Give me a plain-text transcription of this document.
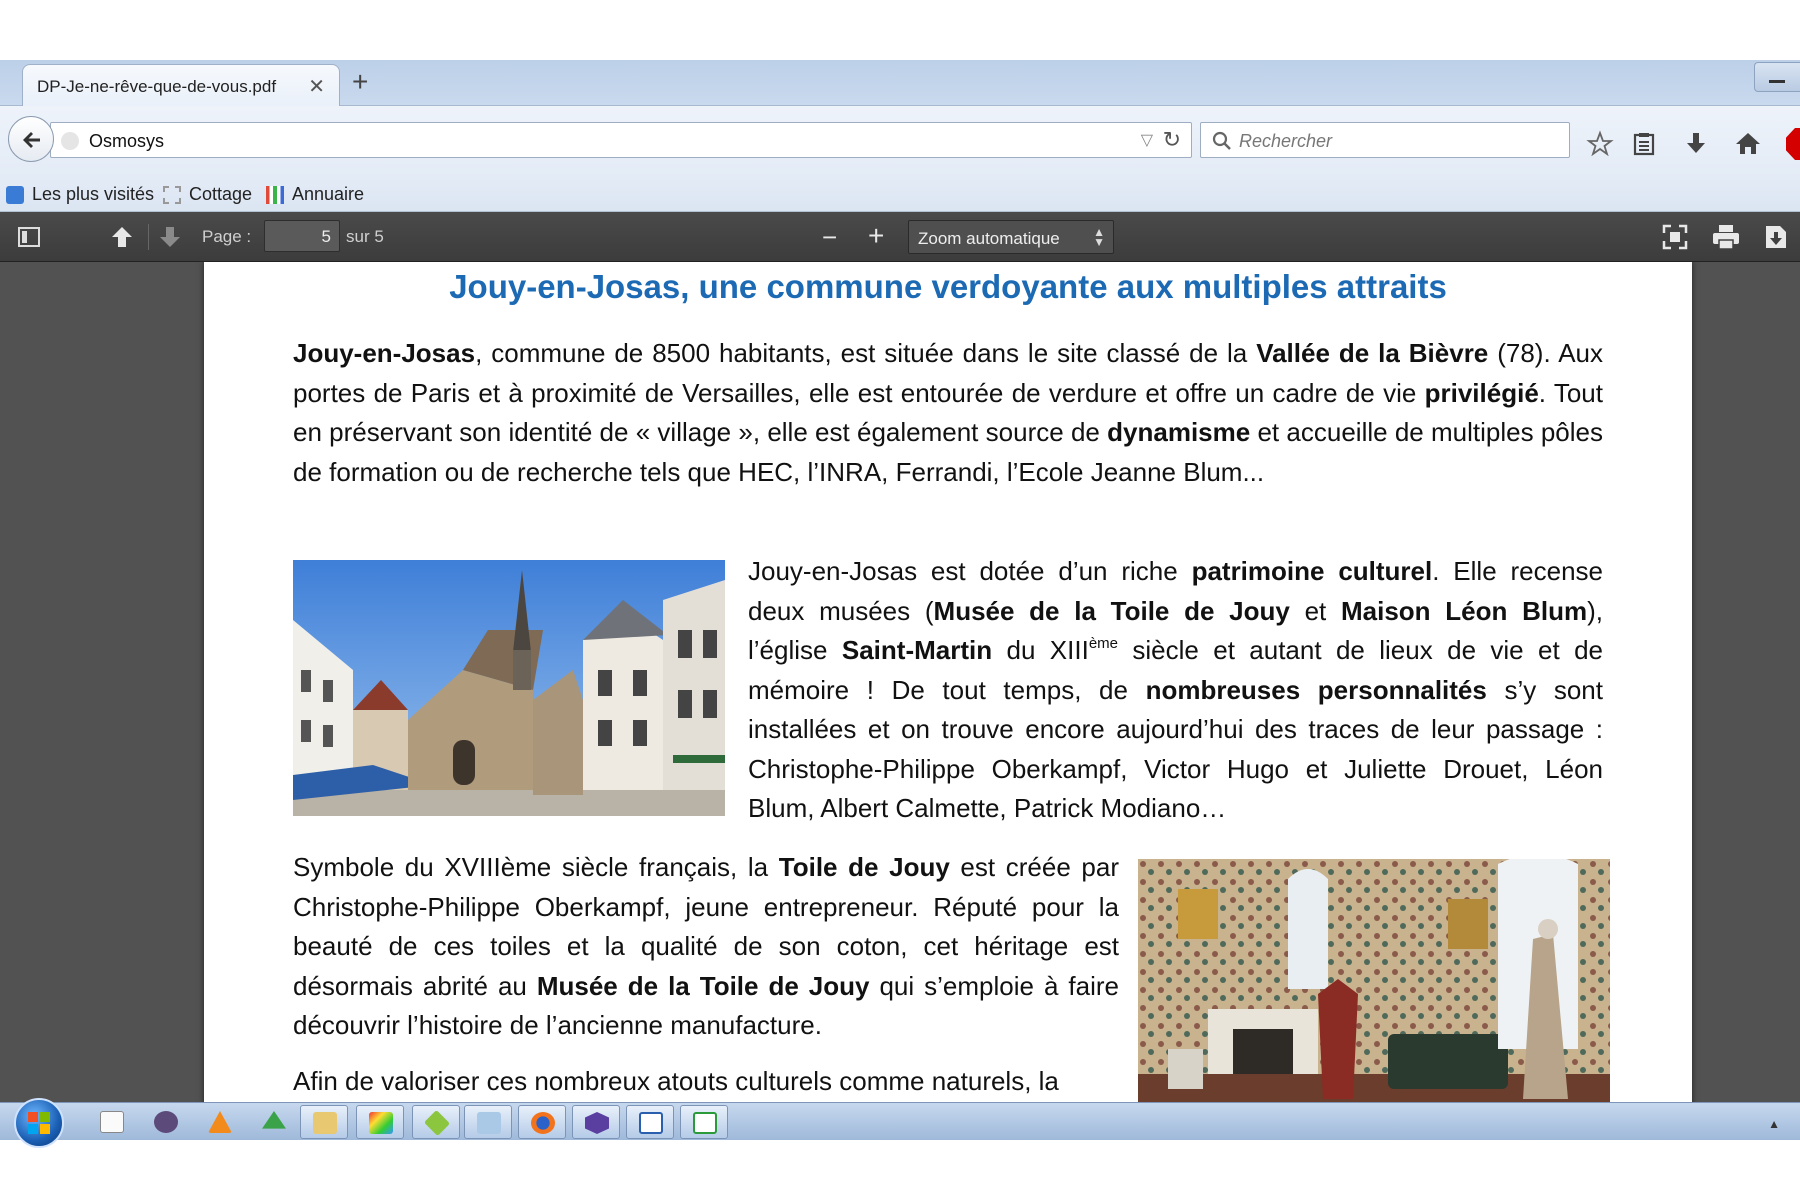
DP-Je-ne-rêve-que-de-vous.pdf ✕ +
Osmosys	▽ ↻	Rechercher
Les plus visités Cottage Annuaire
Page :	5 sur 5	− +	Zoom automatique	▲
▼
Jouy-en-Josas, une commune verdoyante aux multiples attraits

Jouy-en-Josas, commune de 8500 habitants, est située dans le site classé de la Vallée de la Bièvre (78). Aux portes de Paris et à proximité de Versailles, elle est entourée de verdure et offre un cadre de vie privilégié. Tout en préservant son identité de « village », elle est également source de dynamisme et accueille de multiples pôles de formation ou de recherche tels que HEC, l’INRA, Ferrandi, l’Ecole Jeanne Blum...

Jouy-en-Josas est dotée d’un riche patrimoine culturel. Elle recense deux musées (Musée de la Toile de Jouy et Maison Léon Blum), l’église Saint-Martin du XIIIème siècle et autant de lieux de vie et de mémoire ! De tout temps, de nombreuses personnalités s’y sont installées et on trouve encore aujourd’hui des traces de leur passage : Christophe-Philippe Oberkampf, Victor Hugo et Juliette Drouet, Léon Blum, Albert Calmette, Patrick Modiano…

Symbole du XVIIIème siècle français, la Toile de Jouy est créée par Christophe-Philippe Oberkampf, jeune entrepreneur. Réputé pour la beauté de ces toiles et la qualité de son coton, cet héritage est désormais abrité au Musée de la Toile de Jouy qui s’emploie à faire découvrir l’histoire de l’ancienne manufacture.

Afin de valoriser ces nombreux atouts culturels comme naturels, la

▲
